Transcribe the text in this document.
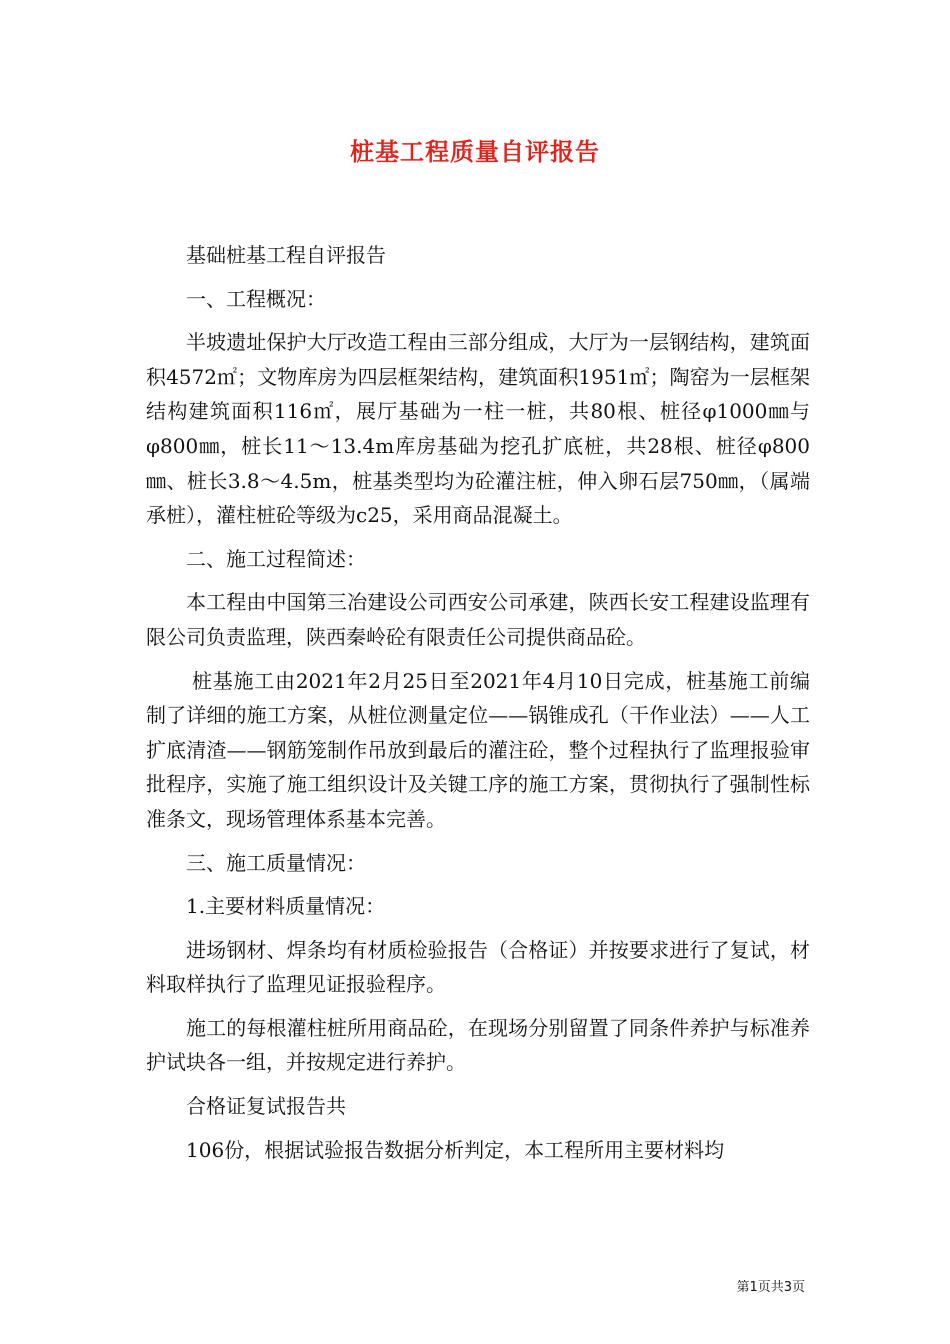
桩基工程质量自评报告

基础桩基工程自评报告

一、工程概况：

半坡遗址保护大厅改造工程由三部分组成，大厅为一层钢结构，建筑面积4572㎡；文物库房为四层框架结构，建筑面积1951㎡；陶窑为一层框架结构建筑面积116㎡，展厅基础为一柱一桩，共80根、桩径φ1000㎜与φ800㎜，桩长11～13.4m库房基础为挖孔扩底桩，共28根、桩径φ800㎜、桩长3.8～4.5m，桩基类型均为砼灌注桩，伸入卵石层750㎜，（属端承桩），灌柱桩砼等级为c25，采用商品混凝土。

二、施工过程简述：

本工程由中国第三冶建设公司西安公司承建，陕西长安工程建设监理有限公司负责监理，陕西秦岭砼有限责任公司提供商品砼。

桩基施工由2021年2月25日至2021年4月10日完成，桩基施工前编制了详细的施工方案，从桩位测量定位——锅锥成孔（干作业法）——人工扩底清渣——钢筋笼制作吊放到最后的灌注砼，整个过程执行了监理报验审批程序，实施了施工组织设计及关键工序的施工方案，贯彻执行了强制性标准条文，现场管理体系基本完善。

三、施工质量情况：

1.主要材料质量情况：

进场钢材、焊条均有材质检验报告（合格证）并按要求进行了复试，材料取样执行了监理见证报验程序。

施工的每根灌柱桩所用商品砼，在现场分别留置了同条件养护与标准养护试块各一组，并按规定进行养护。

合格证复试报告共

106份，根据试验报告数据分析判定，本工程所用主要材料均

第1页共3页
